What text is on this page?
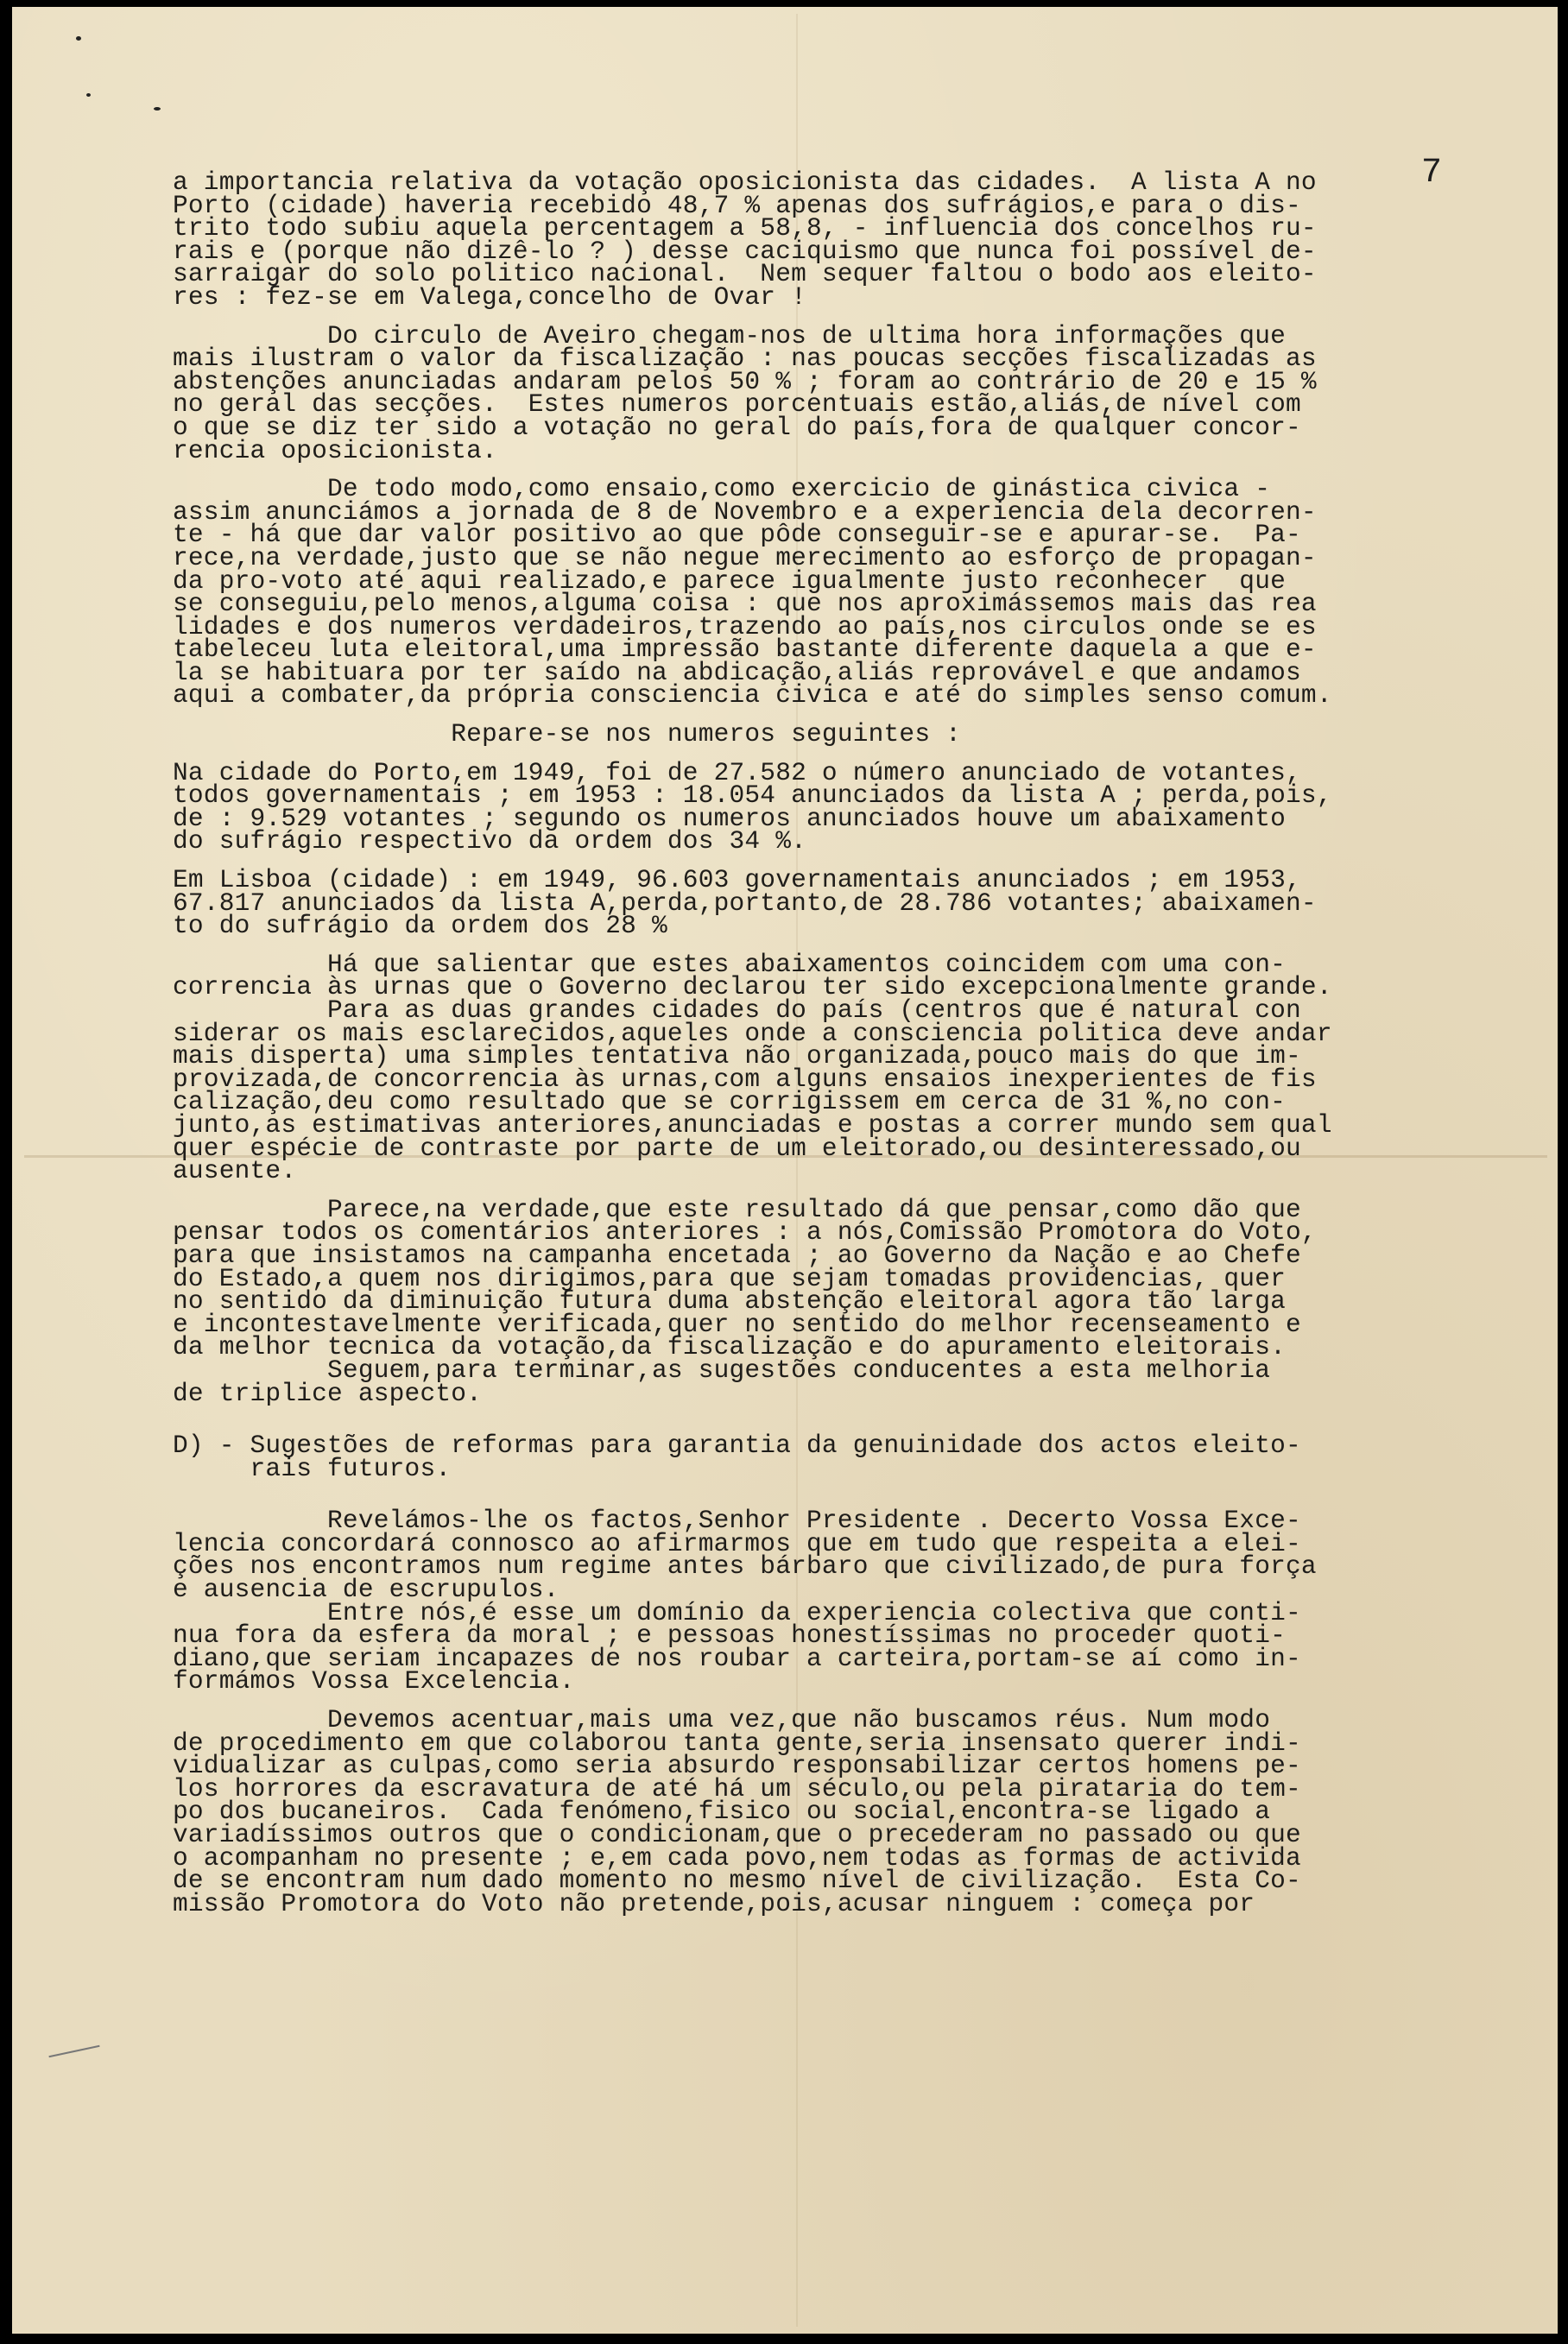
7

a importancia relativa da votação oposicionista das cidades.  A lista A no

Porto (cidade) haveria recebido 48,7 % apenas dos sufrágios,e para o dis-

trito todo subiu aquela percentagem a 58,8, - influencia dos concelhos ru-

rais e (porque não dizê-lo ? ) desse caciquismo que nunca foi possível de-

sarraigar do solo politico nacional.  Nem sequer faltou o bodo aos eleito-

res : fez-se em Valega,concelho de Ovar !

Do circulo de Aveiro chegam-nos de ultima hora informações que

mais ilustram o valor da fiscalização : nas poucas secções fiscalizadas as

abstenções anunciadas andaram pelos 50 % ; foram ao contrário de 20 e 15 %

no geral das secções.  Estes numeros porcentuais estão,aliás,de nível com

o que se diz ter sido a votação no geral do país,fora de qualquer concor-

rencia oposicionista.

De todo modo,como ensaio,como exercicio de ginástica civica -

assim anunciámos a jornada de 8 de Novembro e a experiencia dela decorren-

te - há que dar valor positivo ao que pôde conseguir-se e apurar-se.  Pa-

rece,na verdade,justo que se não negue merecimento ao esforço de propagan-

da pro-voto até aqui realizado,e parece igualmente justo reconhecer  que

se conseguiu,pelo menos,alguma coisa : que nos aproximássemos mais das rea

lidades e dos numeros verdadeiros,trazendo ao país,nos circulos onde se es

tabeleceu luta eleitoral,uma impressão bastante diferente daquela a que e-

la se habituara por ter saído na abdicação,aliás reprovável e que andamos

aqui a combater,da própria consciencia civica e até do simples senso comum.

Repare-se nos numeros seguintes :

Na cidade do Porto,em 1949, foi de 27.582 o número anunciado de votantes,

todos governamentais ; em 1953 : 18.054 anunciados da lista A ; perda,pois,

de : 9.529 votantes ; segundo os numeros anunciados houve um abaixamento

do sufrágio respectivo da ordem dos 34 %.

Em Lisboa (cidade) : em 1949, 96.603 governamentais anunciados ; em 1953,

67.817 anunciados da lista A,perda,portanto,de 28.786 votantes; abaixamen-

to do sufrágio da ordem dos 28 %

Há que salientar que estes abaixamentos coincidem com uma con-

correncia às urnas que o Governo declarou ter sido excepcionalmente grande.

Para as duas grandes cidades do país (centros que é natural con

siderar os mais esclarecidos,aqueles onde a consciencia politica deve andar

mais disperta) uma simples tentativa não organizada,pouco mais do que im-

provizada,de concorrencia às urnas,com alguns ensaios inexperientes de fis

calização,deu como resultado que se corrigissem em cerca de 31 %,no con-

junto,as estimativas anteriores,anunciadas e postas a correr mundo sem qual

quer espécie de contraste por parte de um eleitorado,ou desinteressado,ou

ausente.

Parece,na verdade,que este resultado dá que pensar,como dão que

pensar todos os comentários anteriores : a nós,Comissão Promotora do Voto,

para que insistamos na campanha encetada ; ao Governo da Nação e ao Chefe

do Estado,a quem nos dirigimos,para que sejam tomadas providencias, quer

no sentido da diminuição futura duma abstenção eleitoral agora tão larga

e incontestavelmente verificada,quer no sentido do melhor recenseamento e

da melhor tecnica da votação,da fiscalização e do apuramento eleitorais.

Seguem,para terminar,as sugestões conducentes a esta melhoria

de triplice aspecto.

D) - Sugestões de reformas para garantia da genuinidade dos actos eleito-

rais futuros.

Revelámos-lhe os factos,Senhor Presidente . Decerto Vossa Exce-

lencia concordará connosco ao afirmarmos que em tudo que respeita a elei-

ções nos encontramos num regime antes bárbaro que civilizado,de pura força

e ausencia de escrupulos.

Entre nós,é esse um domínio da experiencia colectiva que conti-

nua fora da esfera da moral ; e pessoas honestíssimas no proceder quoti-

diano,que seriam incapazes de nos roubar a carteira,portam-se aí como in-

formámos Vossa Excelencia.

Devemos acentuar,mais uma vez,que não buscamos réus. Num modo

de procedimento em que colaborou tanta gente,seria insensato querer indi-

vidualizar as culpas,como seria absurdo responsabilizar certos homens pe-

los horrores da escravatura de até há um século,ou pela pirataria do tem-

po dos bucaneiros.  Cada fenómeno,fisico ou social,encontra-se ligado a

variadíssimos outros que o condicionam,que o precederam no passado ou que

o acompanham no presente ; e,em cada povo,nem todas as formas de activida

de se encontram num dado momento no mesmo nível de civilização.  Esta Co-

missão Promotora do Voto não pretende,pois,acusar ninguem : começa por
